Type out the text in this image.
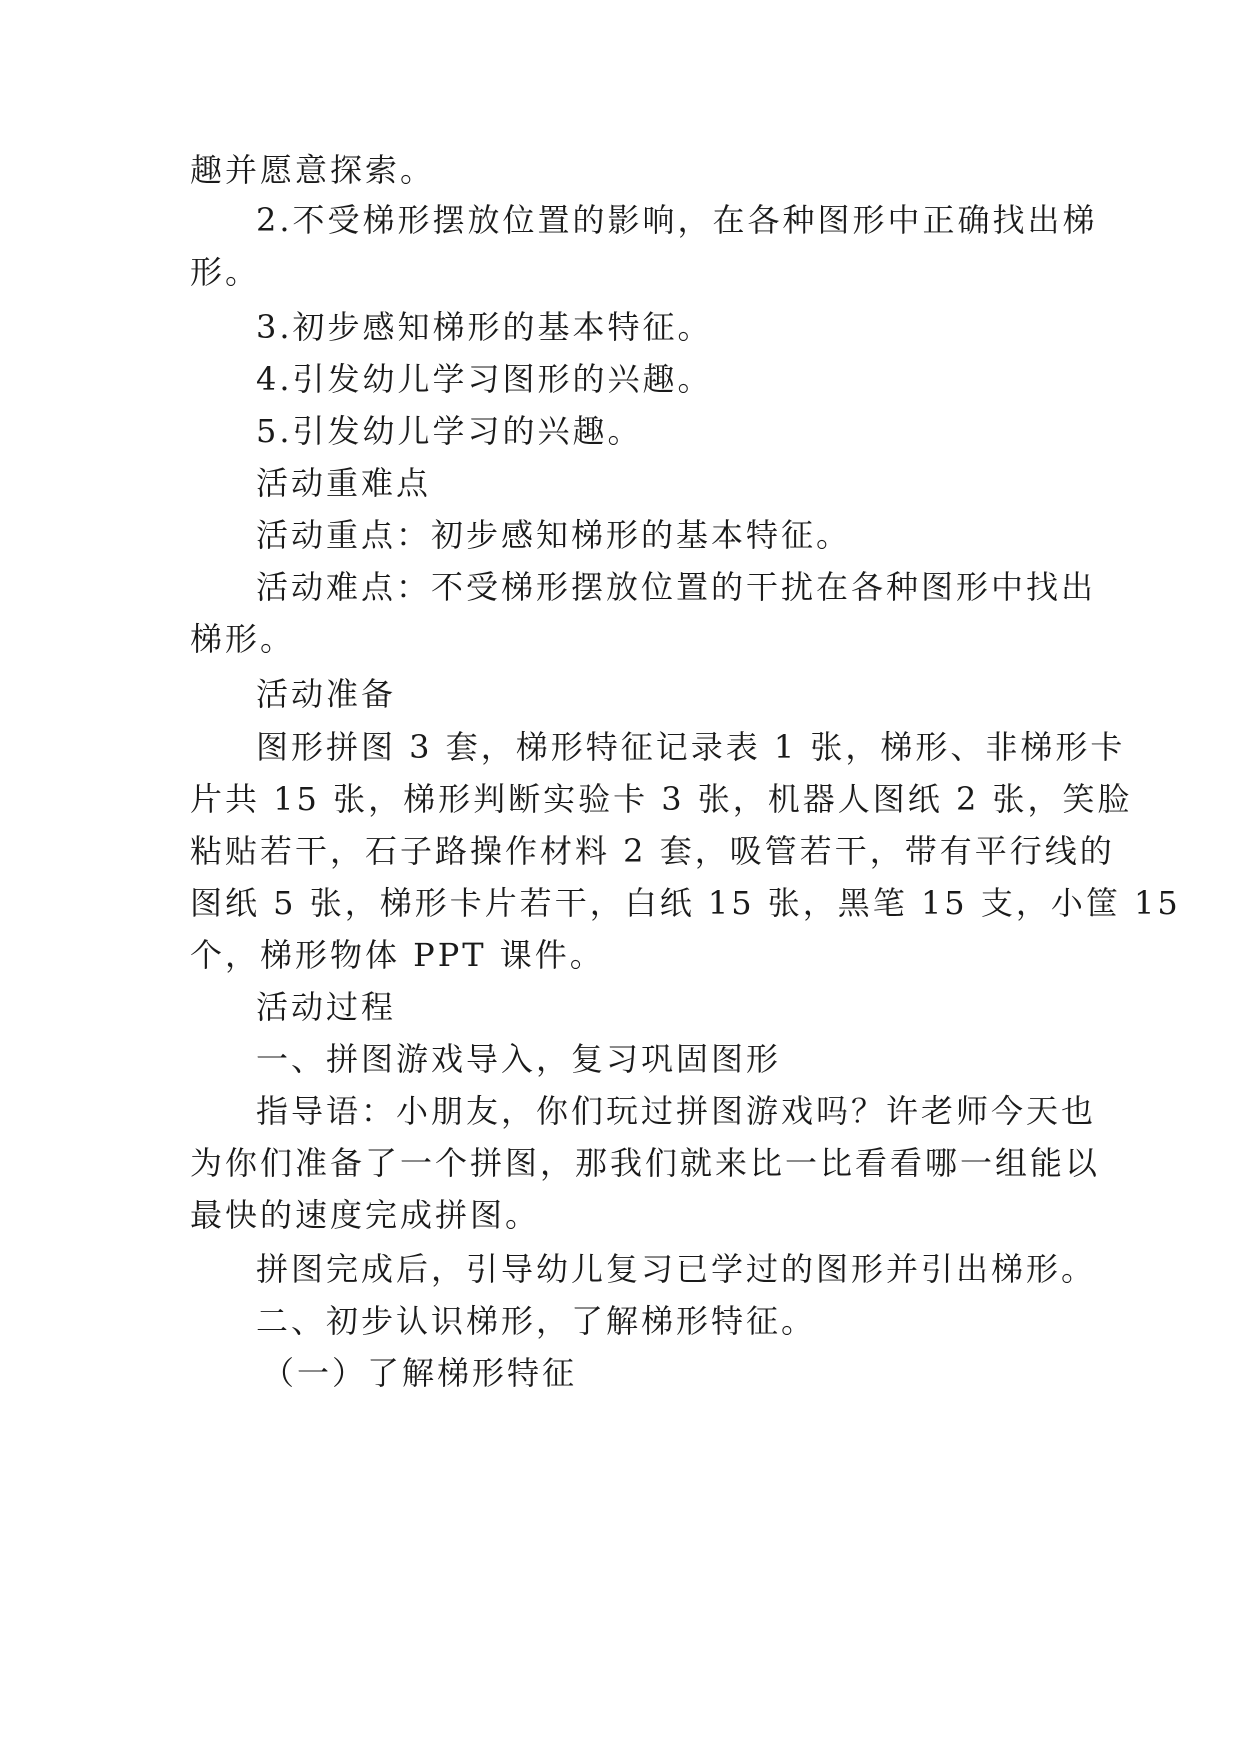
趣并愿意探索。
2.不受梯形摆放位置的影响，在各种图形中正确找出梯
形。
3.初步感知梯形的基本特征。
4.引发幼儿学习图形的兴趣。
5.引发幼儿学习的兴趣。
活动重难点
活动重点：初步感知梯形的基本特征。
活动难点：不受梯形摆放位置的干扰在各种图形中找出
梯形。
活动准备
图形拼图 3 套，梯形特征记录表 1 张，梯形、非梯形卡
片共 15 张，梯形判断实验卡 3 张，机器人图纸 2 张，笑脸
粘贴若干，石子路操作材料 2 套，吸管若干，带有平行线的
图纸 5 张，梯形卡片若干，白纸 15 张，黑笔 15 支，小筐 15
个，梯形物体 PPT 课件。
活动过程
一、拼图游戏导入，复习巩固图形
指导语：小朋友，你们玩过拼图游戏吗？许老师今天也
为你们准备了一个拼图，那我们就来比一比看看哪一组能以
最快的速度完成拼图。
拼图完成后，引导幼儿复习已学过的图形并引出梯形。
二、初步认识梯形，了解梯形特征。
（一）了解梯形特征
